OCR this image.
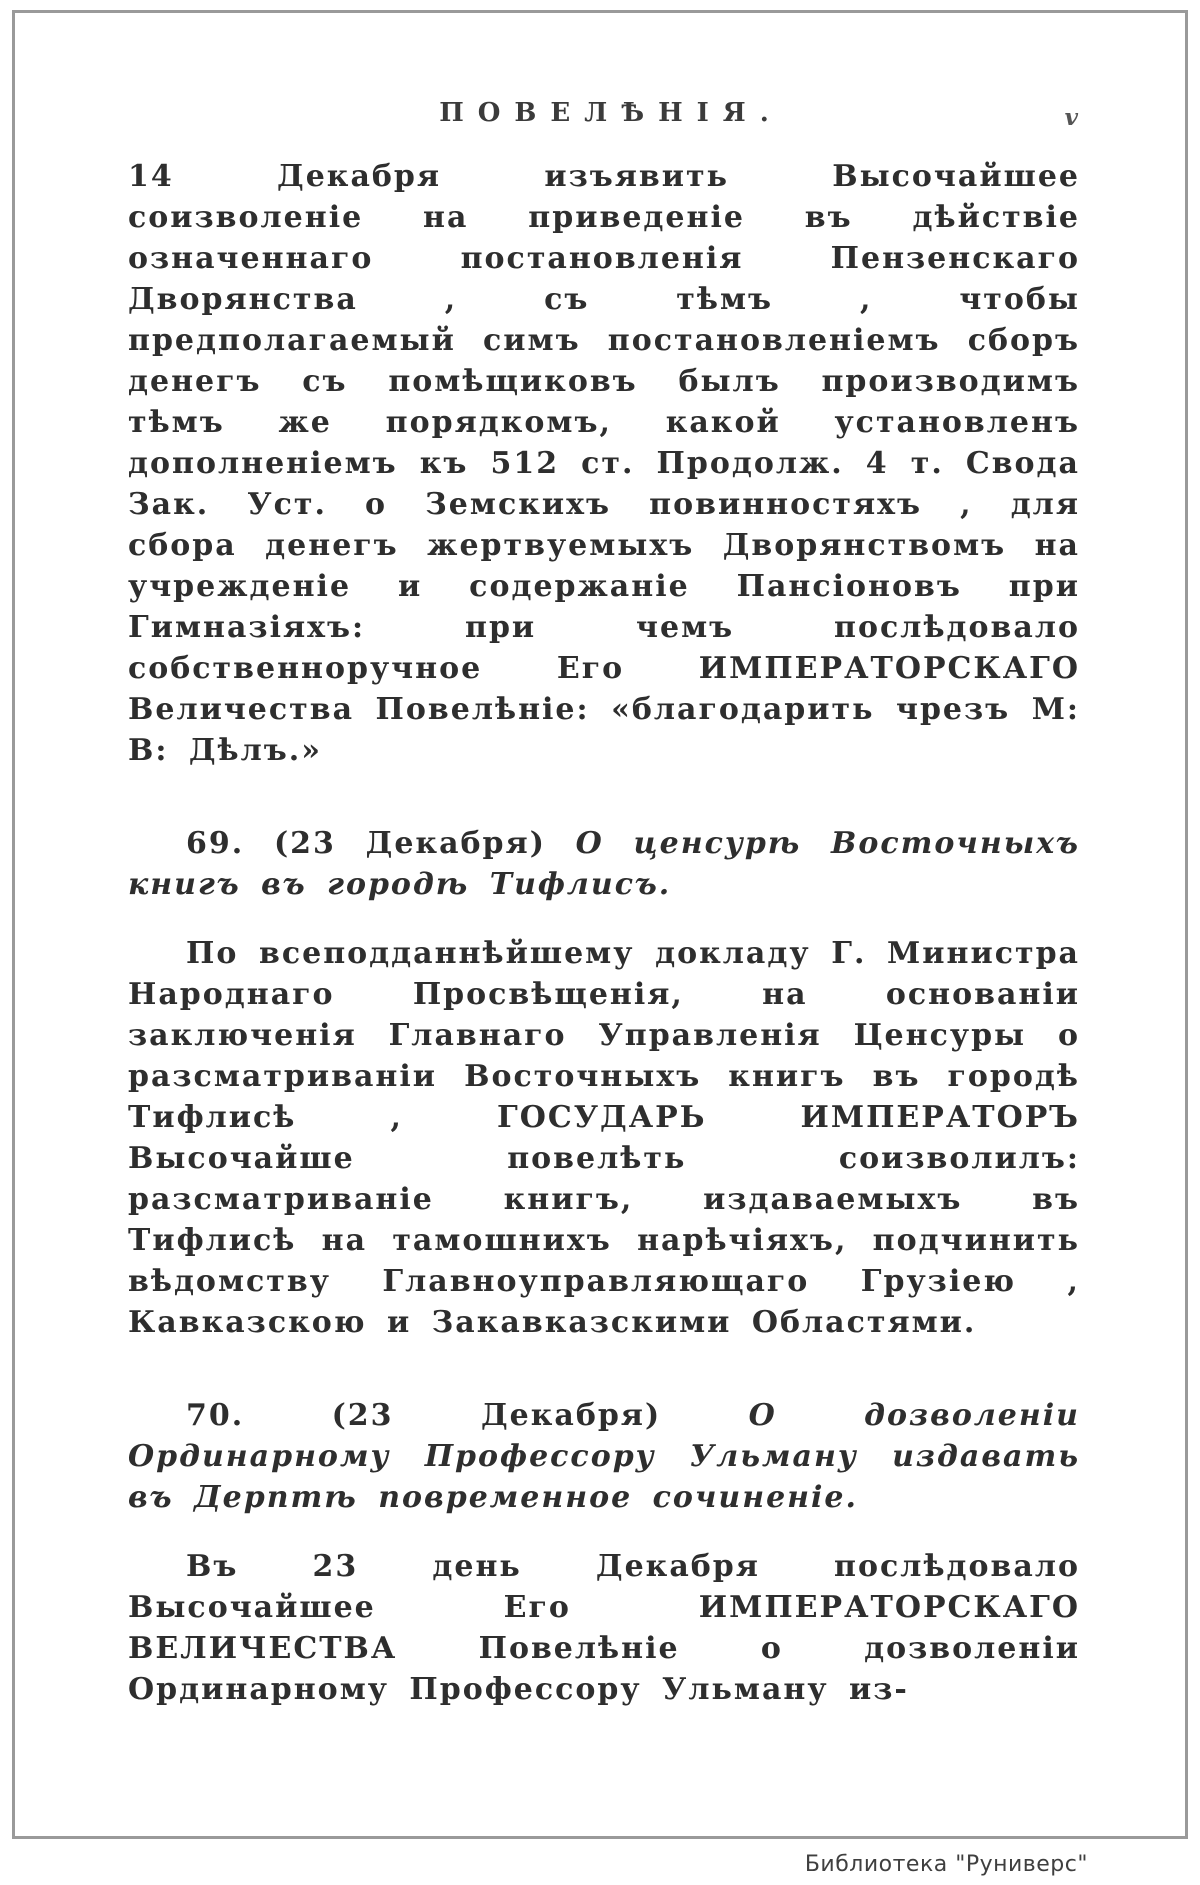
ПОВЕЛѢНІЯ.	v

14 Декабря изъявить Высочайшее соизволеніе на приведеніе въ дѣйствіе означеннаго постановленія Пензенскаго Дворянства , съ тѣмъ , чтобы предполагаемый симъ постановленіемъ сборъ денегъ съ помѣщиковъ былъ производимъ тѣмъ же порядкомъ, какой установленъ дополненіемъ къ 512 ст. Продолж. 4 т. Свода Зак. Уст. о Земскихъ повинностяхъ , для сбора денегъ жертвуемыхъ Дворянствомъ на учрежденіе и содержаніе Пансіоновъ при Гимназіяхъ: при чемъ послѣдовало собственноручное Его ИМПЕРАТОРСКАГО Величества Повелѣніе: «благодарить чрезъ М: В: Дѣлъ.»

69. (23 Декабря) О ценсурѣ Восточныхъ книгъ въ городѣ Тифлисъ.

По всеподданнѣйшему докладу Г. Министра Народнаго Просвѣщенія, на основаніи заключенія Главнаго Управленія Ценсуры о разсматриваніи Восточныхъ книгъ въ городѣ Тифлисѣ , ГОСУДАРЬ ИМПЕРАТОРЪ Высочайше повелѣть соизволилъ: разсматриваніе книгъ, издаваемыхъ въ Тифлисѣ на тамошнихъ нарѣчіяхъ, подчинить вѣдомству Главноуправляющаго Грузіею , Кавказскою и Закавказскими Областями.

70.	(23 Декабря)	О дозволеніи Ординарному Профессору Ульману издавать въ Дерптѣ повременное сочиненіе.

Въ 23 день Декабря послѣдовало Высочайшее Его ИМПЕРАТОРСКАГО ВЕЛИЧЕСТВА Повелѣніе о дозволеніи Ординарному Профессору Ульману из-

Библиотека "Руниверс"
